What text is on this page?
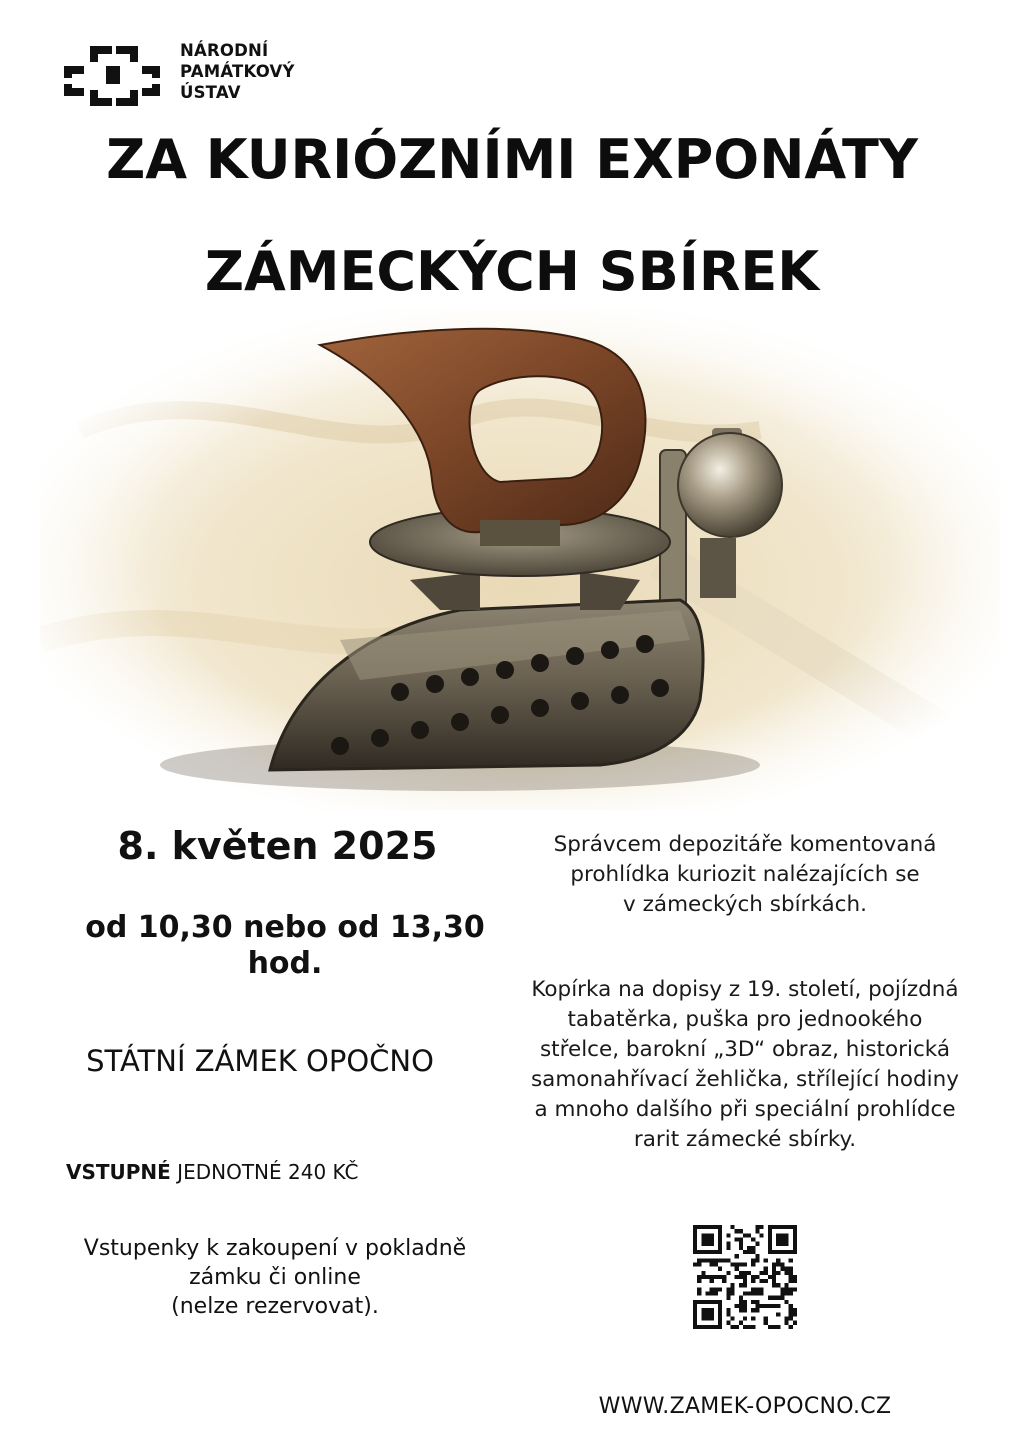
NÁRODNÍ
PAMÁTKOVÝ
ÚSTAV
ZA KURIÓZNÍMI EXPONÁTY
ZÁMECKÝCH SBÍREK
8. květen 2025
od 10,30 nebo od 13,30
hod.
STÁTNÍ ZÁMEK OPOČNO
VSTUPNÉ JEDNOTNÉ 240 KČ
Vstupenky k zakoupení v pokladně
zámku či online
(nelze rezervovat).
Správcem depozitáře komentovaná
prohlídka kuriozit nalézajících se
v zámeckých sbírkách.
Kopírka na dopisy z 19. století, pojízdná
tabatěrka, puška pro jednookého
střelce, barokní „3D“ obraz, historická
samonahřívací žehlička, střílející hodiny
a mnoho dalšího při speciální prohlídce
rarit zámecké sbírky.
WWW.ZAMEK-OPOCNO.CZ
